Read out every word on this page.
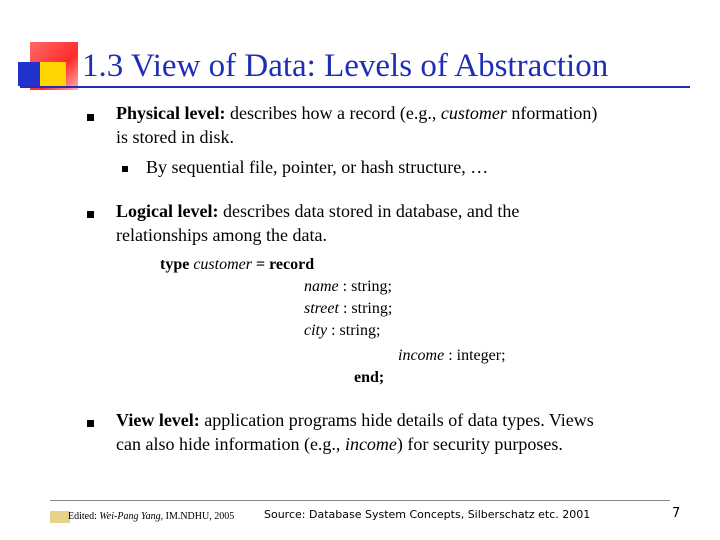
1.3 View of Data: Levels of Abstraction
Physical level: describes how a record (e.g., customer nformation)
is stored in disk.
By sequential file, pointer, or hash structure, …
Logical level: describes data stored in database, and the
relationships among the data.
type customer = record
name : string;
street : string;
city : string;
income : integer;
end;
View level: application programs hide details of data types. Views
can also hide information (e.g., income) for security purposes.
Edited: Wei-Pang Yang, IM.NDHU, 2005	Source: Database System Concepts, Silberschatz etc. 2001	7
